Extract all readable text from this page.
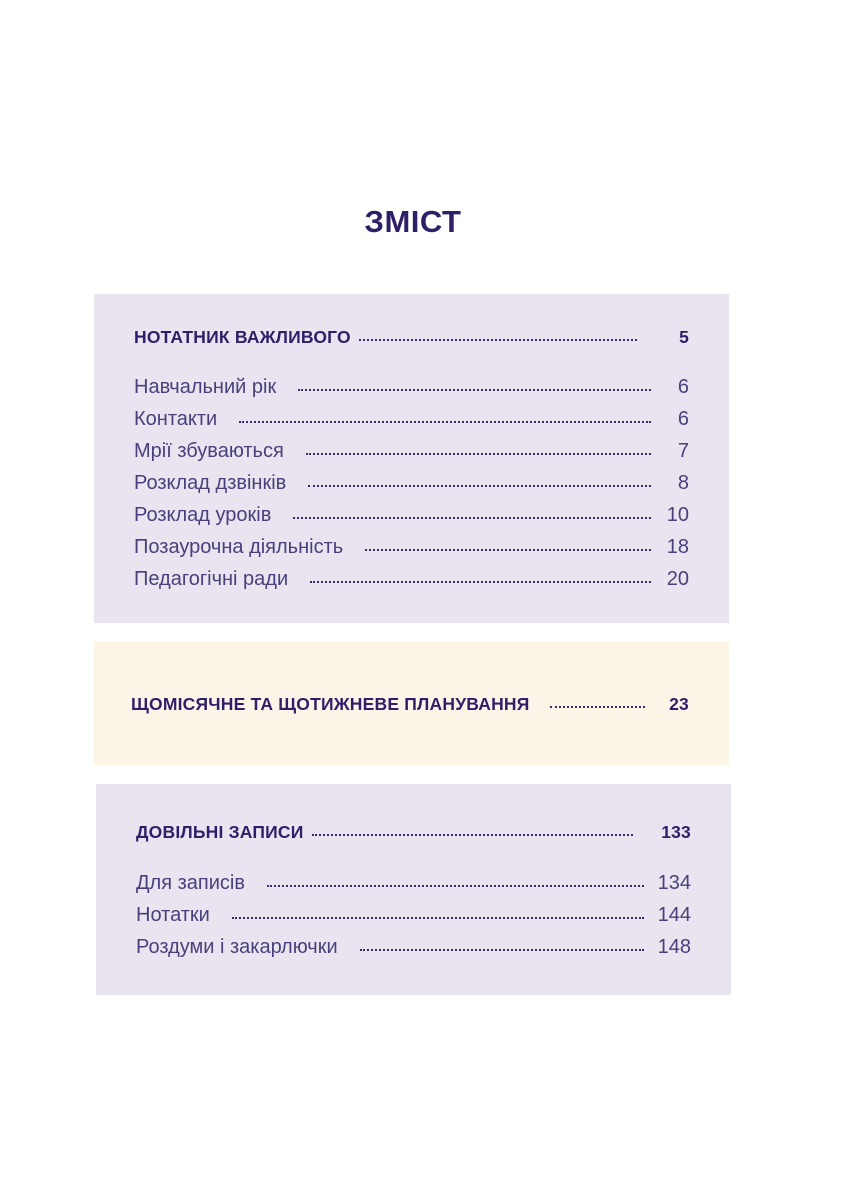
ЗМІСТ
НОТАТНИК ВАЖЛИВОГО	5
Навчальний рік	6
Контакти	6
Мрії збуваються	7
Розклад дзвінків	8
Розклад уроків	10
Позаурочна діяльність	18
Педагогічні ради	20
ЩОМІСЯЧНЕ ТА ЩОТИЖНЕВЕ ПЛАНУВАННЯ	23
ДОВІЛЬНІ ЗАПИСИ	133
Для записів	134
Нотатки	144
Роздуми і закарлючки	148
